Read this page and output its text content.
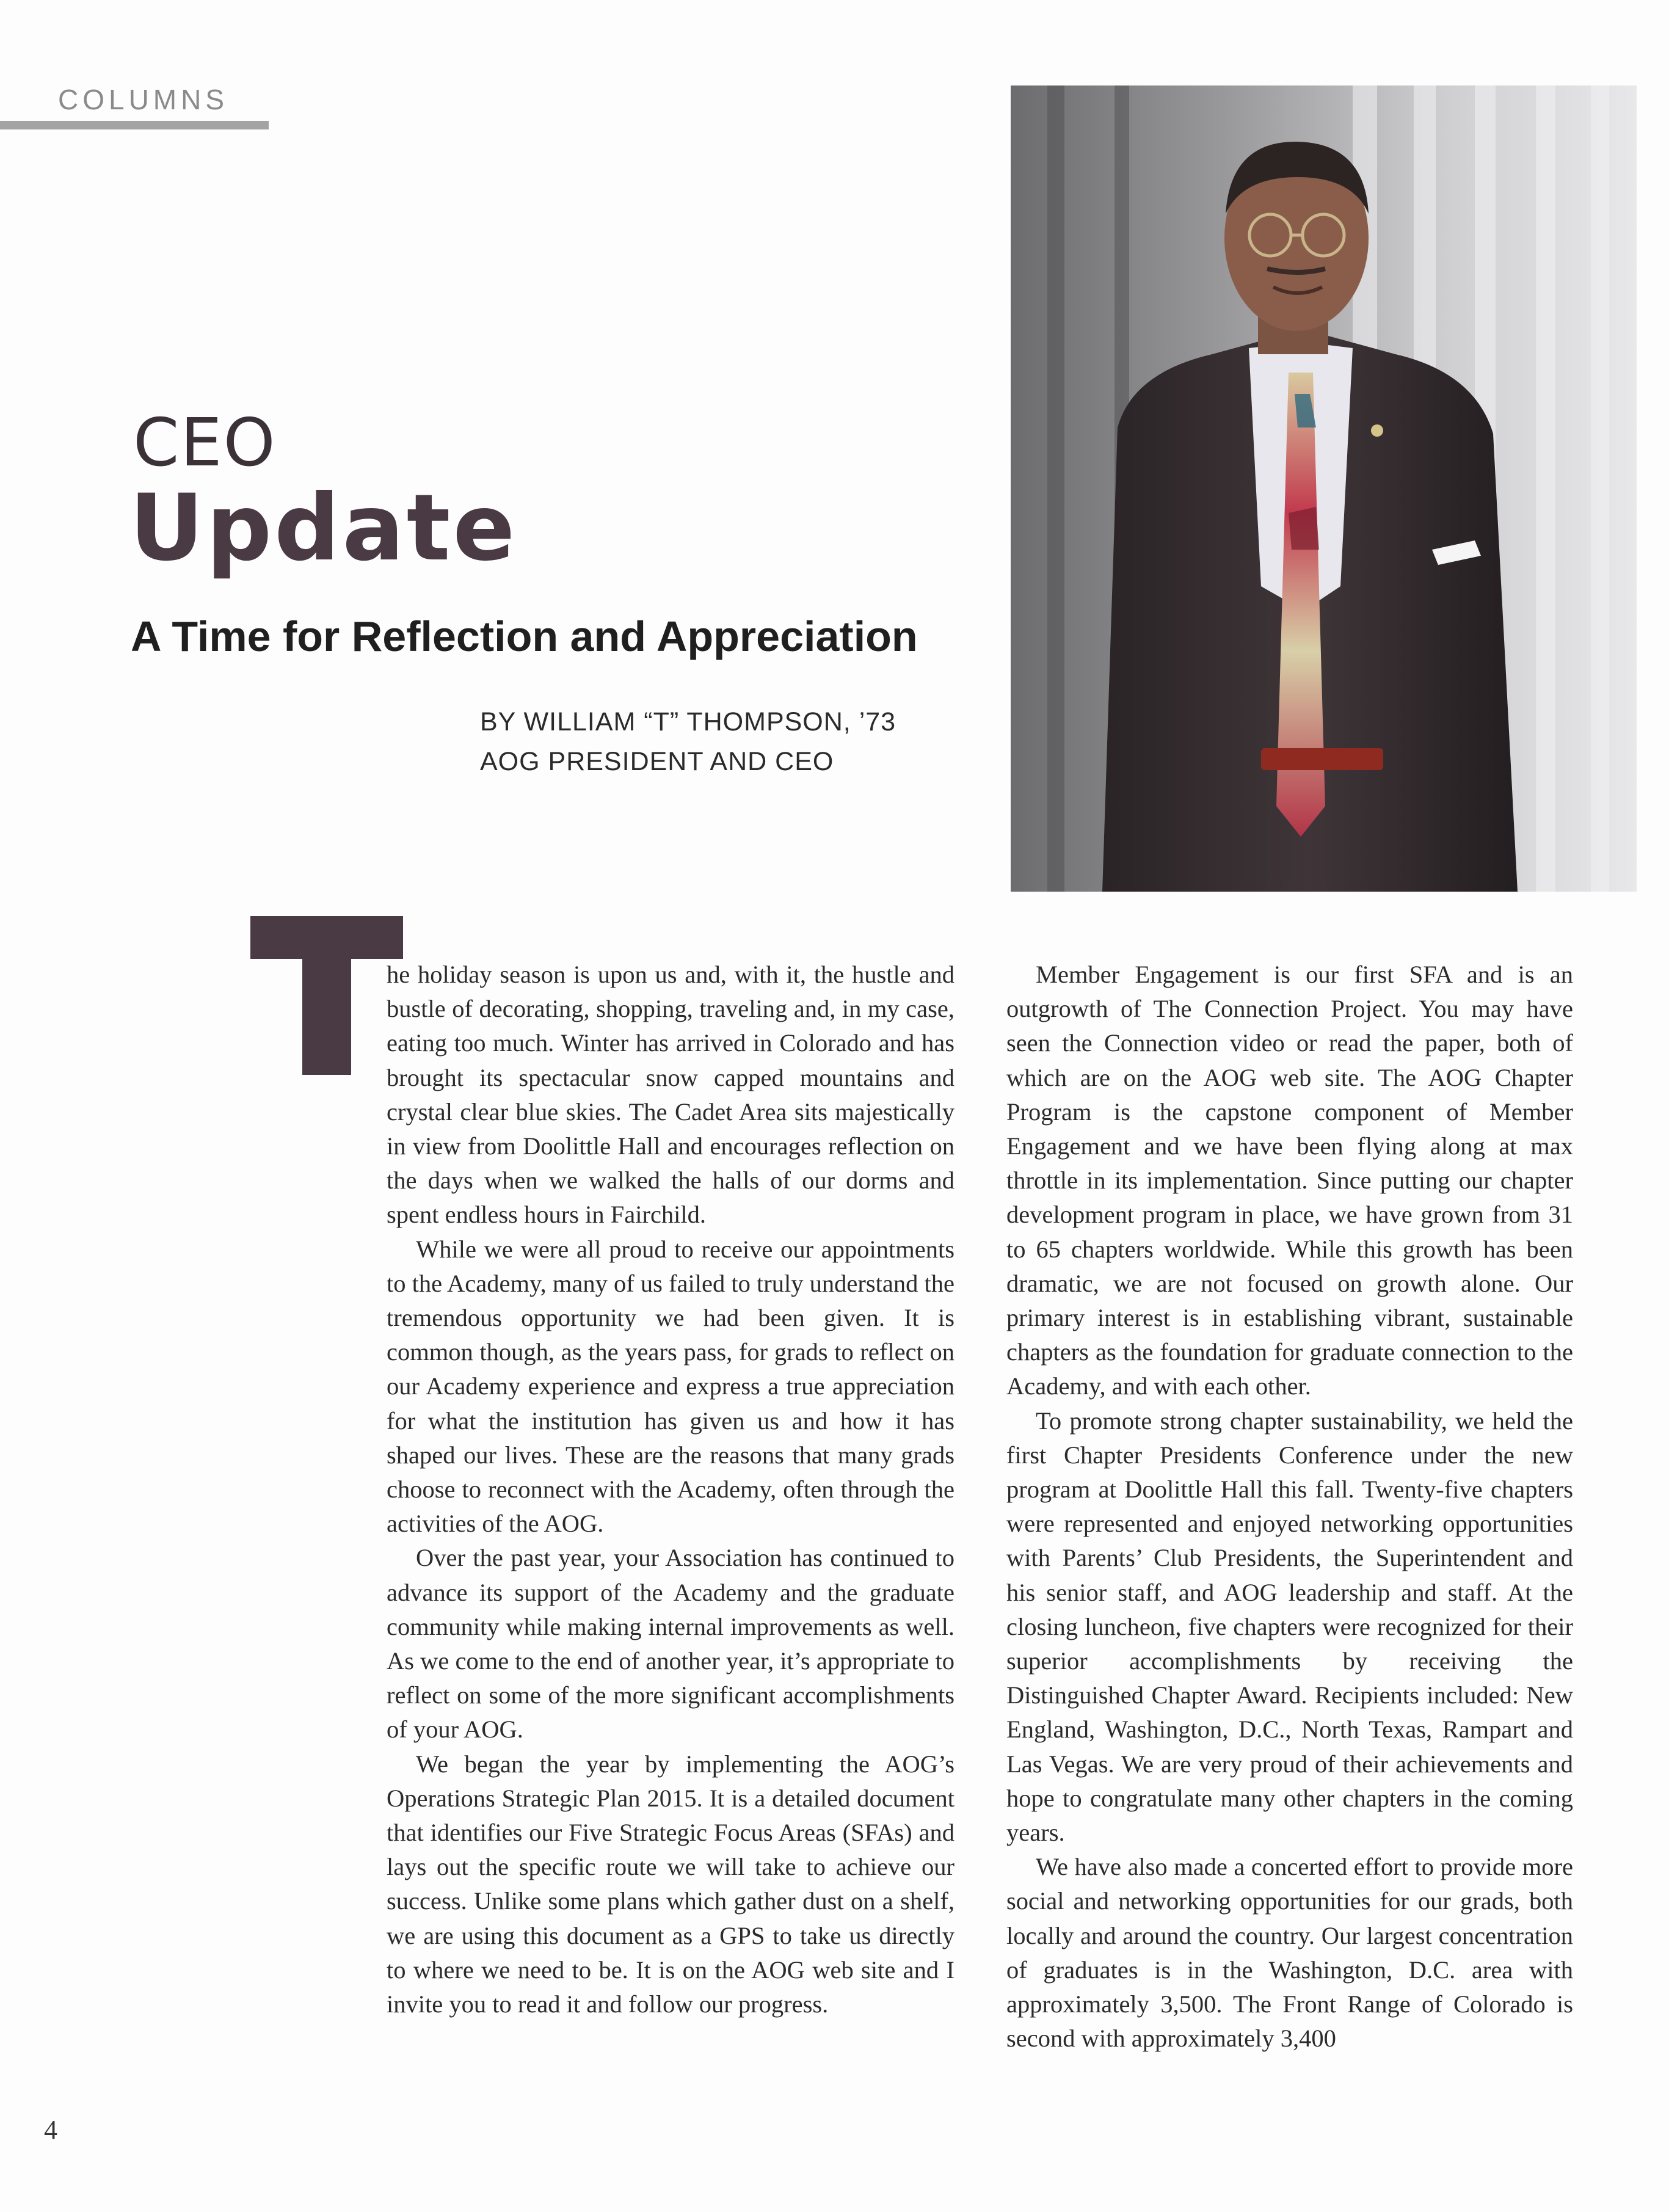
COLUMNS
CEO
Update
A Time for Reflection and Appreciation
BY WILLIAM “T” THOMPSON, ’73
AOG PRESIDENT AND CEO

he holiday season is upon us and, with it, the hustle and bustle of decorating, shopping, traveling and, in my case, eating too much. Winter has arrived in Colorado and has brought its spectacular snow capped mountains and crystal clear blue skies. The Cadet Area sits majestically in view from Doolittle Hall and encourages reflection on the days when we walked the halls of our dorms and spent endless hours in Fairchild.

While we were all proud to receive our appointments to the Academy, many of us failed to truly understand the tremendous opportunity we had been given. It is common though, as the years pass, for grads to reflect on our Academy experience and express a true appreciation for what the institution has given us and how it has shaped our lives. These are the reasons that many grads choose to reconnect with the Academy, often through the activities of the AOG.

Over the past year, your Association has continued to advance its support of the Academy and the graduate community while making internal improvements as well. As we come to the end of another year, it’s appropriate to reflect on some of the more significant accomplishments of your AOG.

We began the year by implementing the AOG’s Operations Strategic Plan 2015. It is a detailed document that identifies our Five Strategic Focus Areas (SFAs) and lays out the specific route we will take to achieve our success. Unlike some plans which gather dust on a shelf, we are using this document as a GPS to take us directly to where we need to be. It is on the AOG web site and I invite you to read it and follow our progress.

Member Engagement is our first SFA and is an outgrowth of The Connection Project. You may have seen the Connection video or read the paper, both of which are on the AOG web site. The AOG Chapter Program is the capstone component of Member Engagement and we have been flying along at max throttle in its implementation. Since putting our chapter development program in place, we have grown from 31 to 65 chapters worldwide. While this growth has been dramatic, we are not focused on growth alone. Our primary interest is in establishing vibrant, sustainable chapters as the foundation for graduate connection to the Academy, and with each other.

To promote strong chapter sustainability, we held the first Chapter Presidents Conference under the new program at Doolittle Hall this fall. Twenty-five chapters were represented and enjoyed networking opportunities with Parents’ Club Presidents, the Superintendent and his senior staff, and AOG leadership and staff. At the closing luncheon, five chapters were recognized for their superior accomplishments by receiving the Distinguished Chapter Award. Recipients included: New England, Washington, D.C., North Texas, Rampart and Las Vegas. We are very proud of their achievements and hope to congratulate many other chapters in the coming years.

We have also made a concerted effort to provide more social and networking opportunities for our grads, both locally and around the country. Our largest concentration of graduates is in the Washington, D.C. area with approximately 3,500. The Front Range of Colorado is second with approximately 3,400

4
